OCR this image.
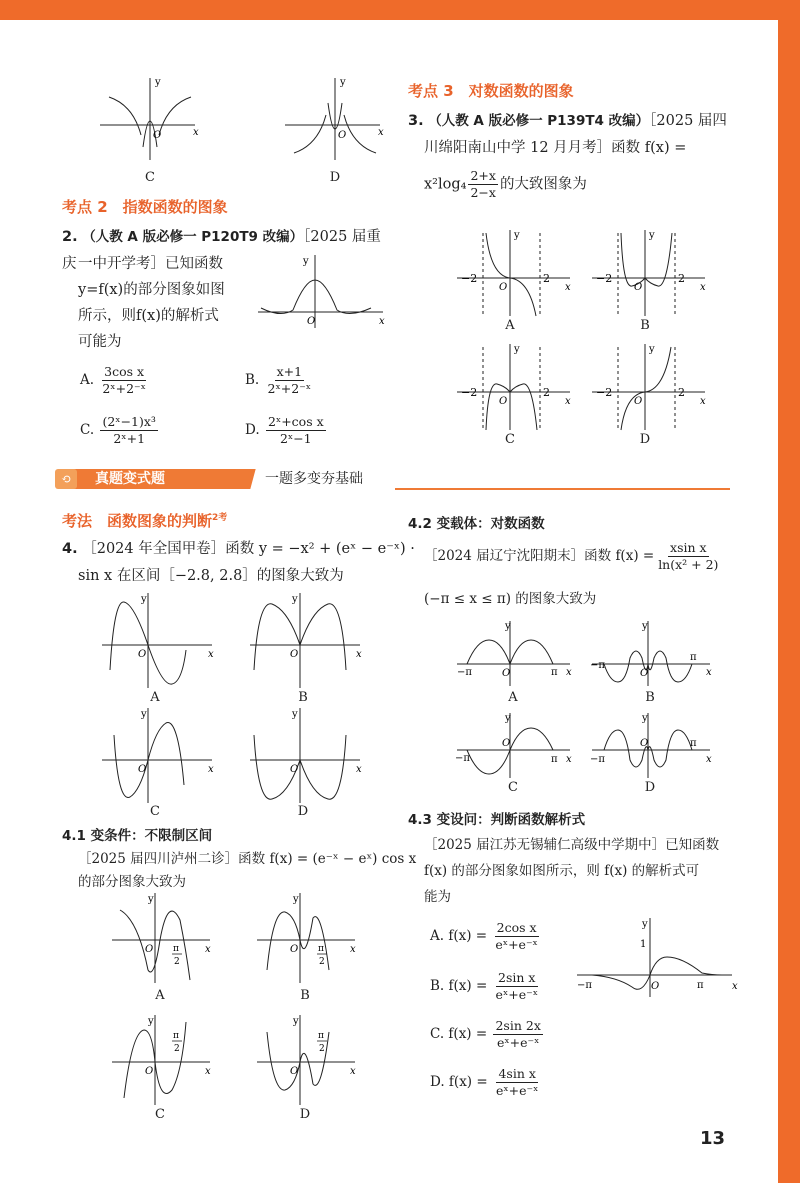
y
x
O
C
y
x
O
D
考点 2　指数函数的图象
2. （人教 A 版必修一 P120T9 改编）［2025 届重庆 一中开学考］已知函数
y=f(x)的部分图象如图
所示，则f(x)的解析式
可能为
y
x
O
A. $\frac{\text{3cos x}}{\text{2ˣ+2⁻ˣ}}$	B. $\frac{x+1}{\text{2ˣ+2⁻ˣ}}$
C. $\frac{\text{(2ˣ−1)x³}}{\text{2ˣ+1}}$	D. $\frac{\text{2ˣ+cos x}}{\text{2ˣ−1}}$
考点 3　对数函数的图象
3. （人教 A 版必修一 P139T4 改编）［2025 届四
川绵阳南山中学 12 月月考］函数 f(x) =
$x^2\log_4 \frac{2+x}{2-x}$ 的大致图象为
y
x
O
−2	2
A
y
x
O
−2	2
B
y
x
O
−2	2
C
y
x
O
−2	2
D
⟲	真题变式题	一题多变夯基础
考法　函数图象的判断$^{2考}$
4. ［2024 年全国甲卷］函数 y = −x² + (eˣ − e⁻ˣ) ·
sin x 在区间［−2.8, 2.8］的图象大致为
y
x
O
A
y
x
O
B
y
x
O
C
y
x
O
D
4.1 变条件：不限制区间
［2025 届四川泸州二诊］函数 f(x) = (e⁻ˣ − eˣ) cos x
的部分图象大致为
y
x
O π
2
A
y
x
O π
2
B
y
x
O
π
2
C
y
x
O
π
2
D
4.2 变载体：对数函数
［2024 届辽宁沈阳期末］函数 $f(x) = \frac{\text{xsin x}}{\text{ln(x² + 2)}}$
(−π ≤ x ≤ π) 的图象大致为
y
x
O
−π	π
A
y
x
O
−π
π
B
y
x
O
−π	π
C
y
x
O
−π
π
D
4.3 变设问：判断函数解析式
［2025 届江苏无锡辅仁高级中学期中］已知函数
f(x) 的部分图象如图所示，则 f(x) 的解析式可
能为
A. $f(x) = \frac{\text{2cos x}}{\text{eˣ+e⁻ˣ}}$
B. $f(x) = \frac{\text{2sin x}}{\text{eˣ+e⁻ˣ}}$
C. $f(x) = \frac{2\sin 2x}{\text{eˣ+e⁻ˣ}}$
D. $f(x) = \frac{\text{4sin x}}{\text{eˣ+e⁻ˣ}}$
y
x
O
1
−π	π
13
